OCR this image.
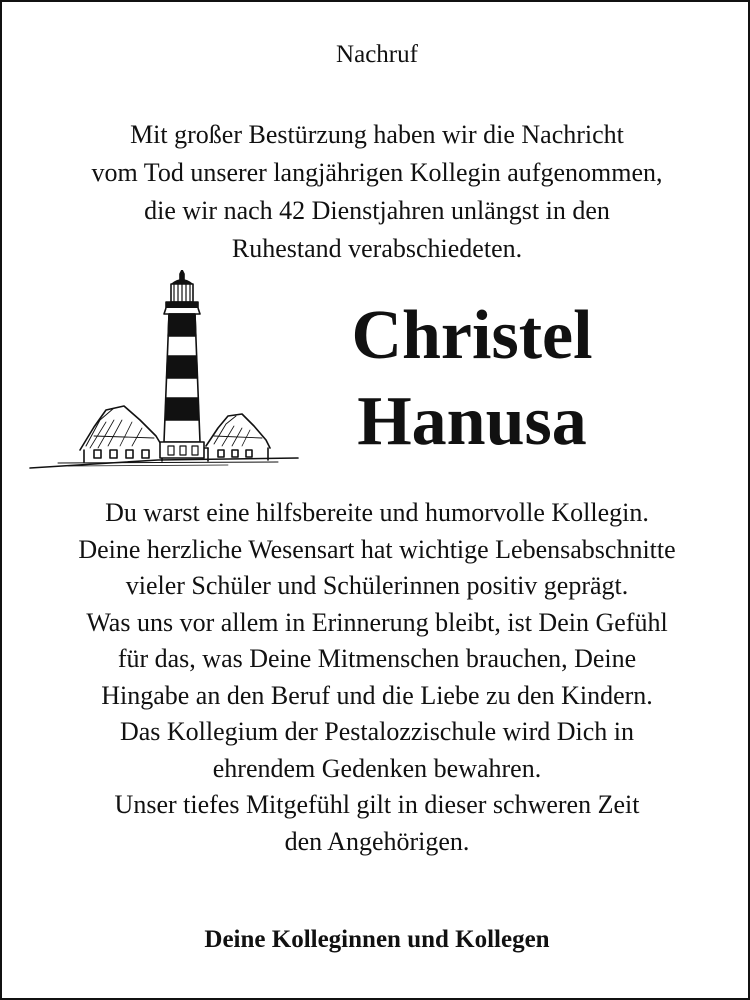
Nachruf
Mit großer Bestürzung haben wir die Nachricht
vom Tod unserer langjährigen Kollegin aufgenommen,
die wir nach 42 Dienstjahren unlängst in den
Ruhestand verabschiedeten.
Christel
Hanusa
Du warst eine hilfsbereite und humorvolle Kollegin.
Deine herzliche Wesensart hat wichtige Lebensabschnitte
vieler Schüler und Schülerinnen positiv geprägt.
Was uns vor allem in Erinnerung bleibt, ist Dein Gefühl
für das, was Deine Mitmenschen brauchen, Deine
Hingabe an den Beruf und die Liebe zu den Kindern.
Das Kollegium der Pestalozzischule wird Dich in
ehrendem Gedenken bewahren.
Unser tiefes Mitgefühl gilt in dieser schweren Zeit
den Angehörigen.
Deine Kolleginnen und Kollegen
